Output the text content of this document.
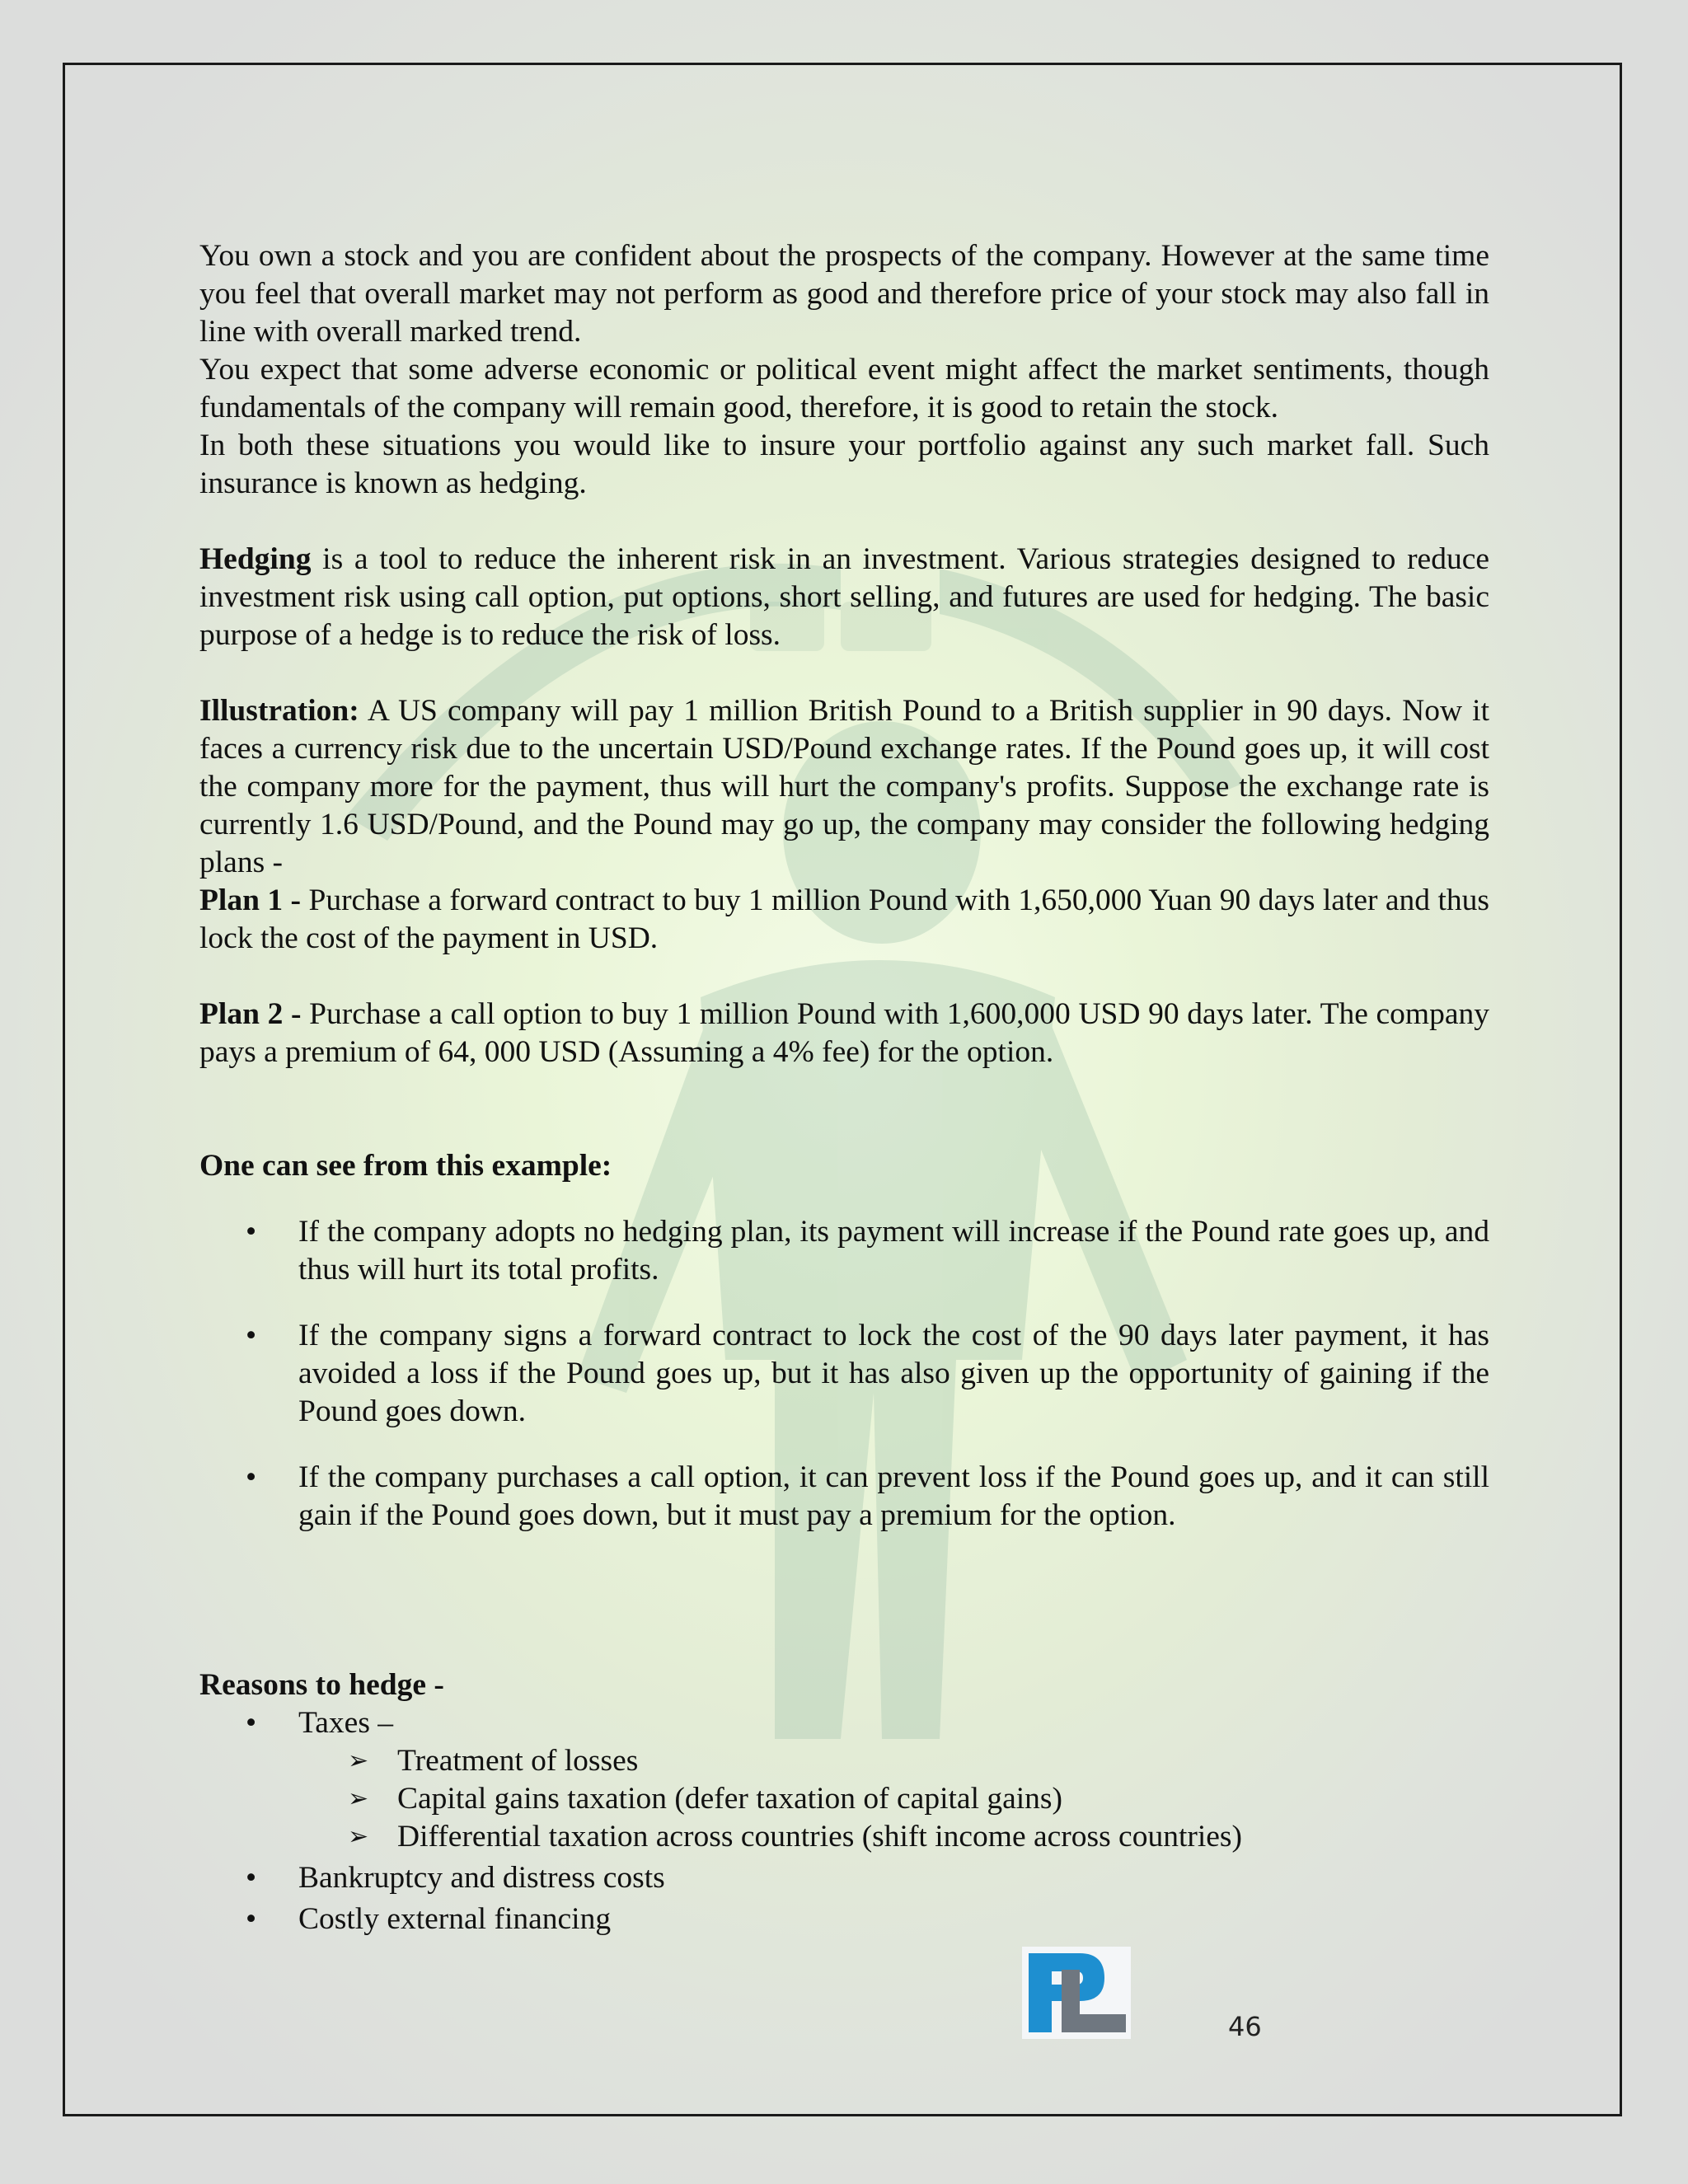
You own a stock and you are confident about the prospects of the company. However at the same time you feel that overall market may not perform as good and therefore price of your stock may also fall in line with overall marked trend.

You expect that some adverse economic or political event might affect the market sentiments, though fundamentals of the company will remain good, therefore, it is good to retain the stock.

In both these situations you would like to insure your portfolio against any such market fall. Such insurance is known as hedging.

Hedging is a tool to reduce the inherent risk in an investment. Various strategies designed to reduce investment risk using call option, put options, short selling, and futures are used for hedging. The basic purpose of a hedge is to reduce the risk of loss.

Illustration: A US company will pay 1 million British Pound to a British supplier in 90 days. Now it faces a currency risk due to the uncertain USD/Pound exchange rates. If the Pound goes up, it will cost the company more for the payment, thus will hurt the company's profits. Suppose the exchange rate is currently 1.6 USD/Pound, and the Pound may go up, the company may consider the following hedging plans -

Plan 1 - Purchase a forward contract to buy 1 million Pound with 1,650,000 Yuan 90 days later and thus lock the cost of the payment in USD.

Plan 2 - Purchase a call option to buy 1 million Pound with 1,600,000 USD 90 days later. The company pays a premium of 64, 000 USD (Assuming a 4% fee) for the option.

One can see from this example:

• If the company adopts no hedging plan, its payment will increase if the Pound rate goes up, and thus will hurt its total profits.
• If the company signs a forward contract to lock the cost of the 90 days later payment, it has avoided a loss if the Pound goes up, but it has also given up the opportunity of gaining if the Pound goes down.
• If the company purchases a call option, it can prevent loss if the Pound goes up, and it can still gain if the Pound goes down, but it must pay a premium for the option.

Reasons to hedge -

• Taxes –
➢ Treatment of losses
➢ Capital gains taxation (defer taxation of capital gains)
➢ Differential taxation across countries (shift income across countries)
• Bankruptcy and distress costs
• Costly external financing
46
